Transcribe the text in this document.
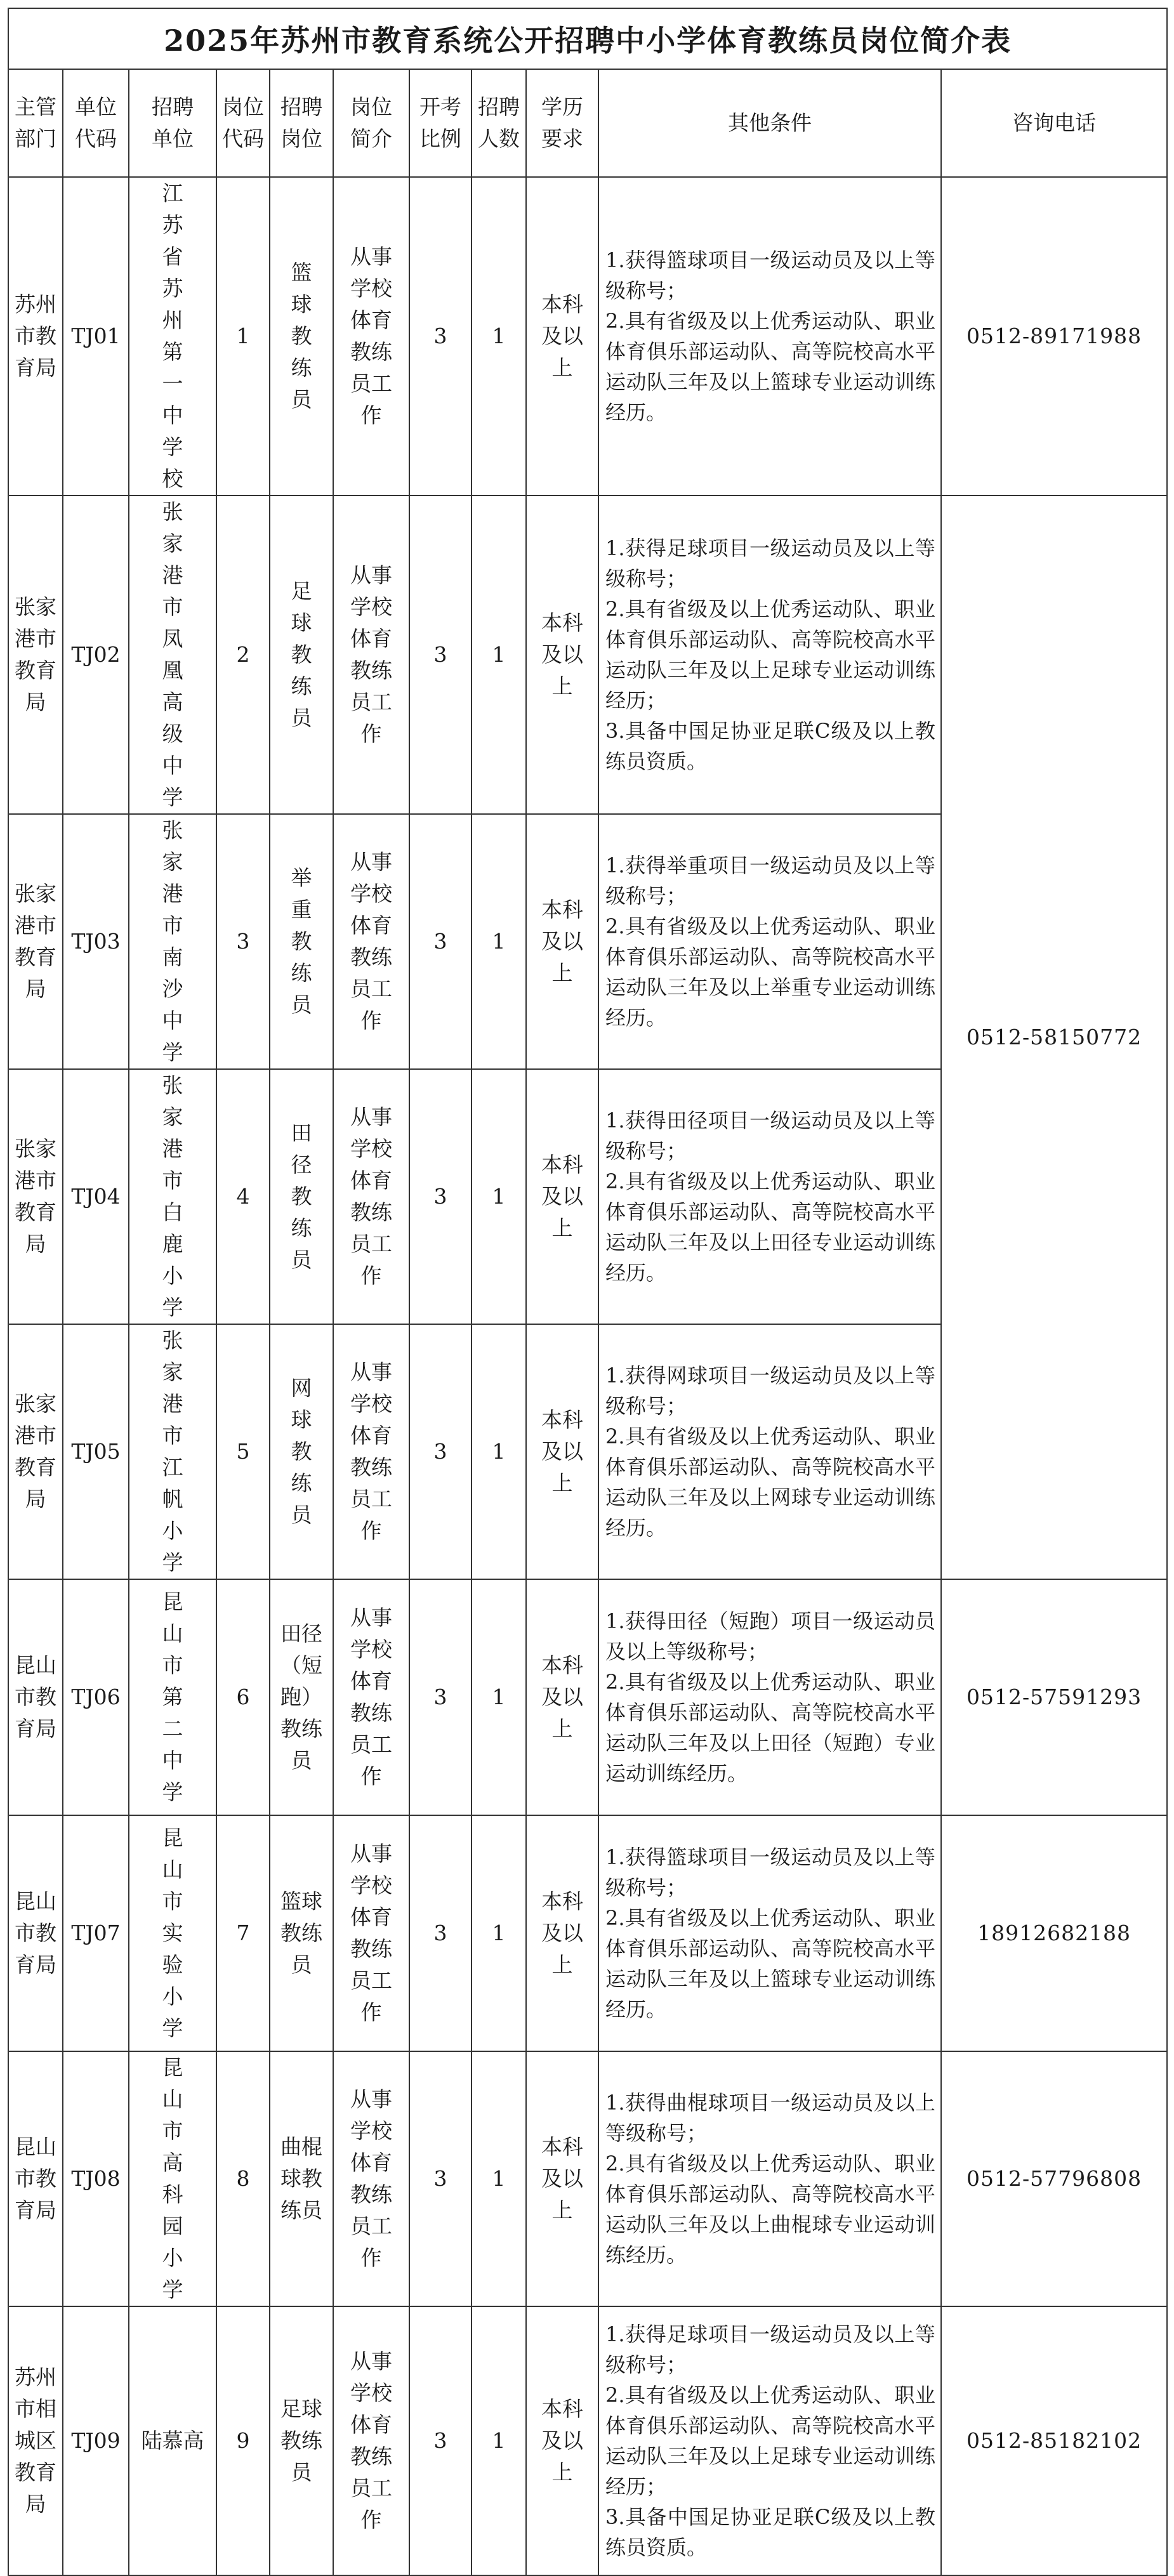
2025年苏州市教育系统公开招聘中小学体育教练员岗位简介表										

主管部门	单位代码	招聘单位	岗位代码	招聘岗位	岗位简介	开考比例	招聘人数	学历要求	其他条件	咨询电话

苏州市教育局	TJ01	江苏省苏州第一中学校	1	篮球教练员	从事学校体育教练员工作	3	1	本科及以上	1.获得篮球项目一级运动员及以上等级称号；
2.具有省级及以上优秀运动队、职业体育俱乐部运动队、高等院校高水平运动队三年及以上篮球专业运动训练经历。	0512-89171988

张家港市教育局	TJ02	张家港市凤凰高级中学	2	足球教练员	从事学校体育教练员工作	3	1	本科及以上	1.获得足球项目一级运动员及以上等级称号；
2.具有省级及以上优秀运动队、职业体育俱乐部运动队、高等院校高水平运动队三年及以上足球专业运动训练经历；
3.具备中国足协亚足联C级及以上教练员资质。	0512-58150772

张家港市教育局	TJ03	张家港市南沙中学	3	举重教练员	从事学校体育教练员工作	3	1	本科及以上	1.获得举重项目一级运动员及以上等级称号；
2.具有省级及以上优秀运动队、职业体育俱乐部运动队、高等院校高水平运动队三年及以上举重专业运动训练经历。	

张家港市教育局	TJ04	张家港市白鹿小学	4	田径教练员	从事学校体育教练员工作	3	1	本科及以上	1.获得田径项目一级运动员及以上等级称号；
2.具有省级及以上优秀运动队、职业体育俱乐部运动队、高等院校高水平运动队三年及以上田径专业运动训练经历。	

张家港市教育局	TJ05	张家港市江帆小学	5	网球教练员	从事学校体育教练员工作	3	1	本科及以上	1.获得网球项目一级运动员及以上等级称号；
2.具有省级及以上优秀运动队、职业体育俱乐部运动队、高等院校高水平运动队三年及以上网球专业运动训练经历。	

昆山市教育局	TJ06	昆山市第二中学	6	田径（短跑）教练员	从事学校体育教练员工作	3	1	本科及以上	1.获得田径（短跑）项目一级运动员及以上等级称号；
2.具有省级及以上优秀运动队、职业体育俱乐部运动队、高等院校高水平运动队三年及以上田径（短跑）专业运动训练经历。	0512-57591293

昆山市教育局	TJ07	昆山市实验小学	7	篮球教练员	从事学校体育教练员工作	3	1	本科及以上	1.获得篮球项目一级运动员及以上等级称号；
2.具有省级及以上优秀运动队、职业体育俱乐部运动队、高等院校高水平运动队三年及以上篮球专业运动训练经历。	18912682188

昆山市教育局	TJ08	昆山市高科园小学	8	曲棍球教练员	从事学校体育教练员工作	3	1	本科及以上	1.获得曲棍球项目一级运动员及以上等级称号；
2.具有省级及以上优秀运动队、职业体育俱乐部运动队、高等院校高水平运动队三年及以上曲棍球专业运动训练经历。	0512-57796808

苏州市相城区教育局	TJ09	陆慕高	9	足球教练员	从事学校体育教练员工作	3	1	本科及以上	1.获得足球项目一级运动员及以上等级称号；
2.具有省级及以上优秀运动队、职业体育俱乐部运动队、高等院校高水平运动队三年及以上足球专业运动训练经历；
3.具备中国足协亚足联C级及以上教练员资质。	0512-85182102
